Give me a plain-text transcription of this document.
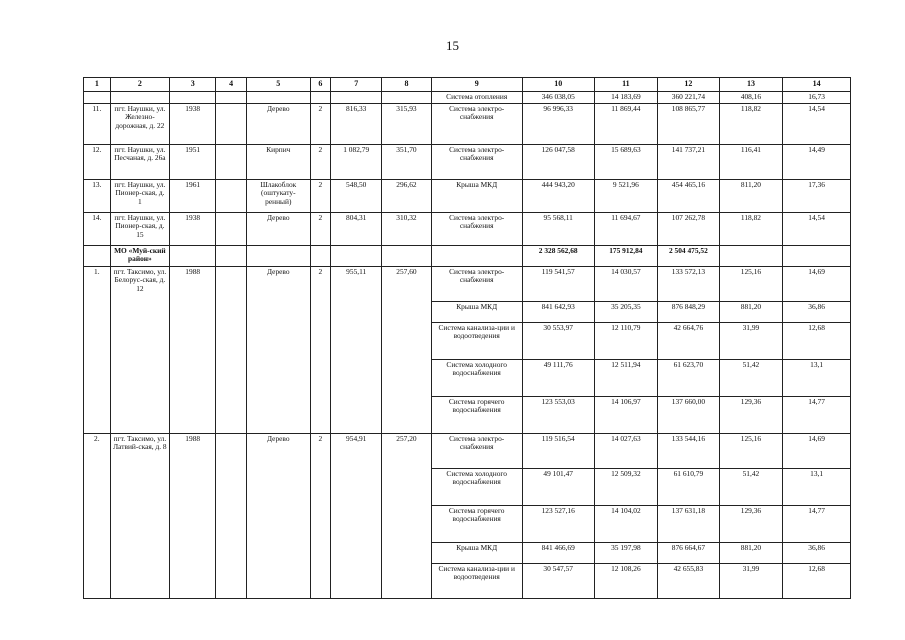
15
1	2	3	4	5	6	7	8	9	10	11	12	13	14
								Система отопления	346 038,05	14 183,69	360 221,74	408,16	16,73
11.	пгт. Наушки, ул. Железно-дорожная, д. 22	1938		Дерево	2	816,33	315,93	Система электро-снабжения	96 996,33	11 869,44	108 865,77	118,82	14,54
12.	пгт. Наушки, ул. Песчаная, д. 26а	1951		Кирпич	2	1 082,79	351,70	Система электро-снабжения	126 047,58	15 689,63	141 737,21	116,41	14,49
13.	пгт. Наушки, ул. Пионер-ская, д. 1	1961		Шлакоблок (оштукату-ренный)	2	548,50	296,62	Крыша МКД	444 943,20	9 521,96	454 465,16	811,20	17,36
14.	пгт. Наушки, ул. Пионер-ская, д. 15	1938		Дерево	2	804,31	310,32	Система электро-снабжения	95 568,11	11 694,67	107 262,78	118,82	14,54
	МО «Муй-ский район»								2 328 562,68	175 912,84	2 504 475,52		
1.	пгт. Таксимо, ул. Белорус-ская, д. 12	1988		Дерево	2	955,11	257,60	Система электро-снабжения	119 541,57	14 030,57	133 572,13	125,16	14,69
								Крыша МКД	841 642,93	35 205,35	876 848,29	881,20	36,86
								Система канализа-ции и водоотведения	30 553,97	12 110,79	42 664,76	31,99	12,68
								Система холодного водоснабжения	49 111,76	12 511,94	61 623,70	51,42	13,1
								Система горячего водоснабжения	123 553,03	14 106,97	137 660,00	129,36	14,77
2.	пгт. Таксимо, ул. Латвий-ская, д. 8	1988		Дерево	2	954,91	257,20	Система электро-снабжения	119 516,54	14 027,63	133 544,16	125,16	14,69
								Система холодного водоснабжения	49 101,47	12 509,32	61 610,79	51,42	13,1
								Система горячего водоснабжения	123 527,16	14 104,02	137 631,18	129,36	14,77
								Крыша МКД	841 466,69	35 197,98	876 664,67	881,20	36,86
								Система канализа-ции и водоотведения	30 547,57	12 108,26	42 655,83	31,99	12,68
